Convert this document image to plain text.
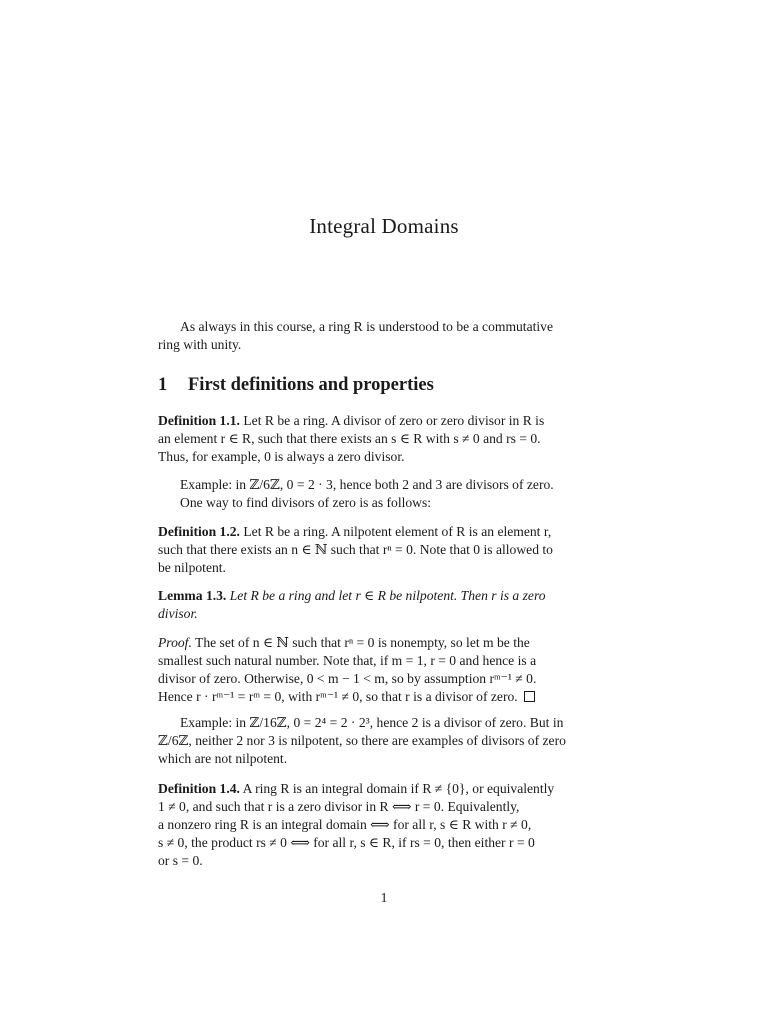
Integral Domains

As always in this course, a ring R is understood to be a commutative

ring with unity.

1 First definitions and properties

Definition 1.1. Let R be a ring. A divisor of zero or zero divisor in R is
an element r ∈ R, such that there exists an s ∈ R with s ≠ 0 and rs = 0.
Thus, for example, 0 is always a zero divisor.

Example: in ℤ/6ℤ, 0 = 2 · 3, hence both 2 and 3 are divisors of zero.
One way to find divisors of zero is as follows:

Definition 1.2. Let R be a ring. A nilpotent element of R is an element r,
such that there exists an n ∈ ℕ such that rⁿ = 0. Note that 0 is allowed to
be nilpotent.

Lemma 1.3. Let R be a ring and let r ∈ R be nilpotent. Then r is a zero
divisor.

Proof. The set of n ∈ ℕ such that rⁿ = 0 is nonempty, so let m be the
smallest such natural number. Note that, if m = 1, r = 0 and hence is a
divisor of zero. Otherwise, 0 < m − 1 < m, so by assumption rᵐ⁻¹ ≠ 0.
Hence r · rᵐ⁻¹ = rᵐ = 0, with rᵐ⁻¹ ≠ 0, so that r is a divisor of zero.

Example: in ℤ/16ℤ, 0 = 2⁴ = 2 · 2³, hence 2 is a divisor of zero. But in

ℤ/6ℤ, neither 2 nor 3 is nilpotent, so there are examples of divisors of zero
which are not nilpotent.

Definition 1.4. A ring R is an integral domain if R ≠ {0}, or equivalently
1 ≠ 0, and such that r is a zero divisor in R ⟺ r = 0. Equivalently,
a nonzero ring R is an integral domain ⟺ for all r, s ∈ R with r ≠ 0,
s ≠ 0, the product rs ≠ 0 ⟺ for all r, s ∈ R, if rs = 0, then either r = 0
or s = 0.

1
